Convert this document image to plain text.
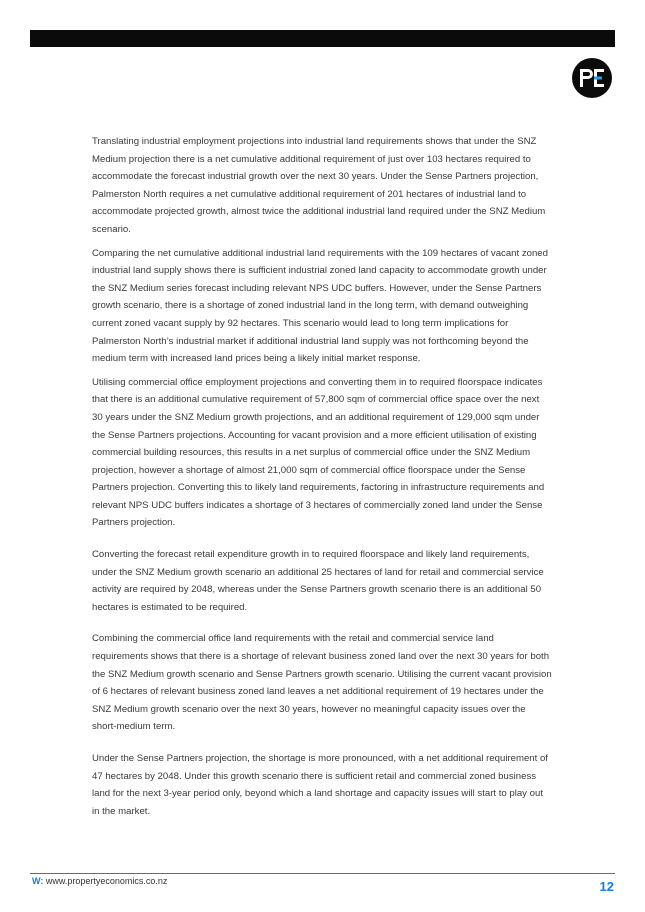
Translating industrial employment projections into industrial land requirements shows that under the SNZ Medium projection there is a net cumulative additional requirement of just over 103 hectares required to accommodate the forecast industrial growth over the next 30 years. Under the Sense Partners projection, Palmerston North requires a net cumulative additional requirement of 201 hectares of industrial land to accommodate projected growth, almost twice the additional industrial land required under the SNZ Medium scenario.

Comparing the net cumulative additional industrial land requirements with the 109 hectares of vacant zoned industrial land supply shows there is sufficient industrial zoned land capacity to accommodate growth under the SNZ Medium series forecast including relevant NPS UDC buffers. However, under the Sense Partners growth scenario, there is a shortage of zoned industrial land in the long term, with demand outweighing current zoned vacant supply by 92 hectares. This scenario would lead to long term implications for Palmerston North’s industrial market if additional industrial land supply was not forthcoming beyond the medium term with increased land prices being a likely initial market response.

Utilising commercial office employment projections and converting them in to required floorspace indicates that there is an additional cumulative requirement of 57,800 sqm of commercial office space over the next 30 years under the SNZ Medium growth projections, and an additional requirement of 129,000 sqm under the Sense Partners projections. Accounting for vacant provision and a more efficient utilisation of existing commercial building resources, this results in a net surplus of commercial office under the SNZ Medium projection, however a shortage of almost 21,000 sqm of commercial office floorspace under the Sense Partners projection. Converting this to likely land requirements, factoring in infrastructure requirements and relevant NPS UDC buffers indicates a shortage of 3 hectares of commercially zoned land under the Sense Partners projection.

Converting the forecast retail expenditure growth in to required floorspace and likely land requirements, under the SNZ Medium growth scenario an additional 25 hectares of land for retail and commercial service activity are required by 2048, whereas under the Sense Partners growth scenario there is an additional 50 hectares is estimated to be required.

Combining the commercial office land requirements with the retail and commercial service land requirements shows that there is a shortage of relevant business zoned land over the next 30 years for both the SNZ Medium growth scenario and Sense Partners growth scenario. Utilising the current vacant provision of 6 hectares of relevant business zoned land leaves a net additional requirement of 19 hectares under the SNZ Medium growth scenario over the next 30 years, however no meaningful capacity issues over the short-medium term.

Under the Sense Partners projection, the shortage is more pronounced, with a net additional requirement of 47 hectares by 2048. Under this growth scenario there is sufficient retail and commercial zoned business land for the next 3-year period only, beyond which a land shortage and capacity issues will start to play out in the market.

W: www.propertyeconomics.co.nz	12
